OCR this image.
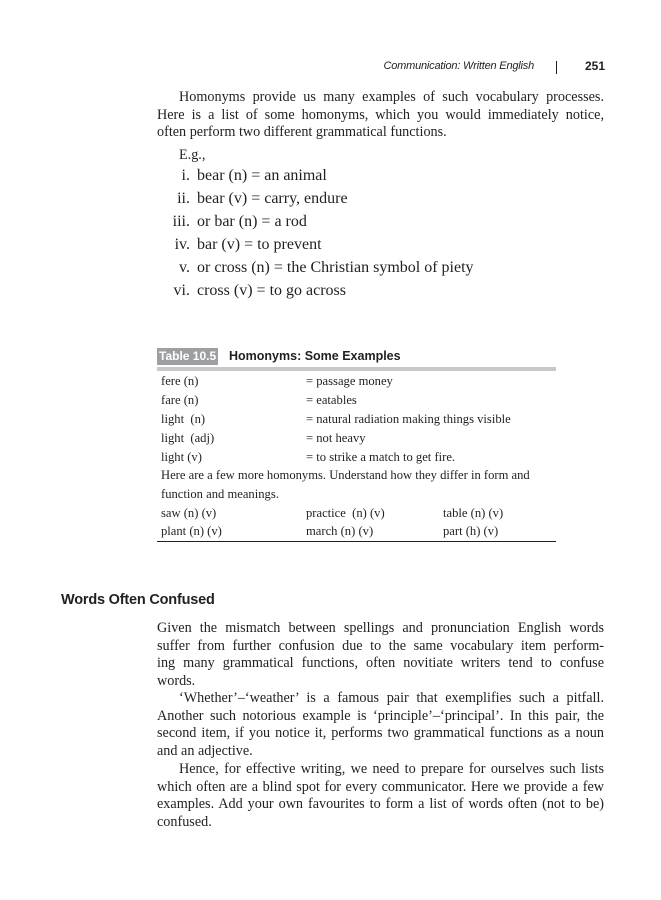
Communication: Written English	251
Homonyms provide us many examples of such vocabulary processes.
Here is a list of some homonyms, which you would immediately notice,
often perform two different grammatical functions.
E.g.,
i. bear (n) = an animal
ii. bear (v) = carry, endure
iii. or bar (n) = a rod
iv. bar (v) = to prevent
v. or cross (n) = the Christian symbol of piety
vi. cross (v) = to go across
Table 10.5 Homonyms: Some Examples
fere (n)	= passage money
fare (n)	= eatables
light  (n)	= natural radiation making things visible
light  (adj)	= not heavy
light (v)	= to strike a match to get fire.
Here are a few more homonyms. Understand how they differ in form and
function and meanings.
saw (n) (v)	practice  (n) (v)	table (n) (v)
plant (n) (v)	march (n) (v)	part (h) (v)
Words Often Confused
Given the mismatch between spellings and pronunciation English words
suffer from further confusion due to the same vocabulary item perform-
ing many grammatical functions, often novitiate writers tend to confuse
words.
‘Whether’–‘weather’ is a famous pair that exemplifies such a pitfall.
Another such notorious example is ‘principle’–‘principal’. In this pair, the
second item, if you notice it, performs two grammatical functions as a noun
and an adjective.
Hence, for effective writing, we need to prepare for ourselves such lists
which often are a blind spot for every communicator. Here we provide a few
examples. Add your own favourites to form a list of words often (not to be)
confused.
